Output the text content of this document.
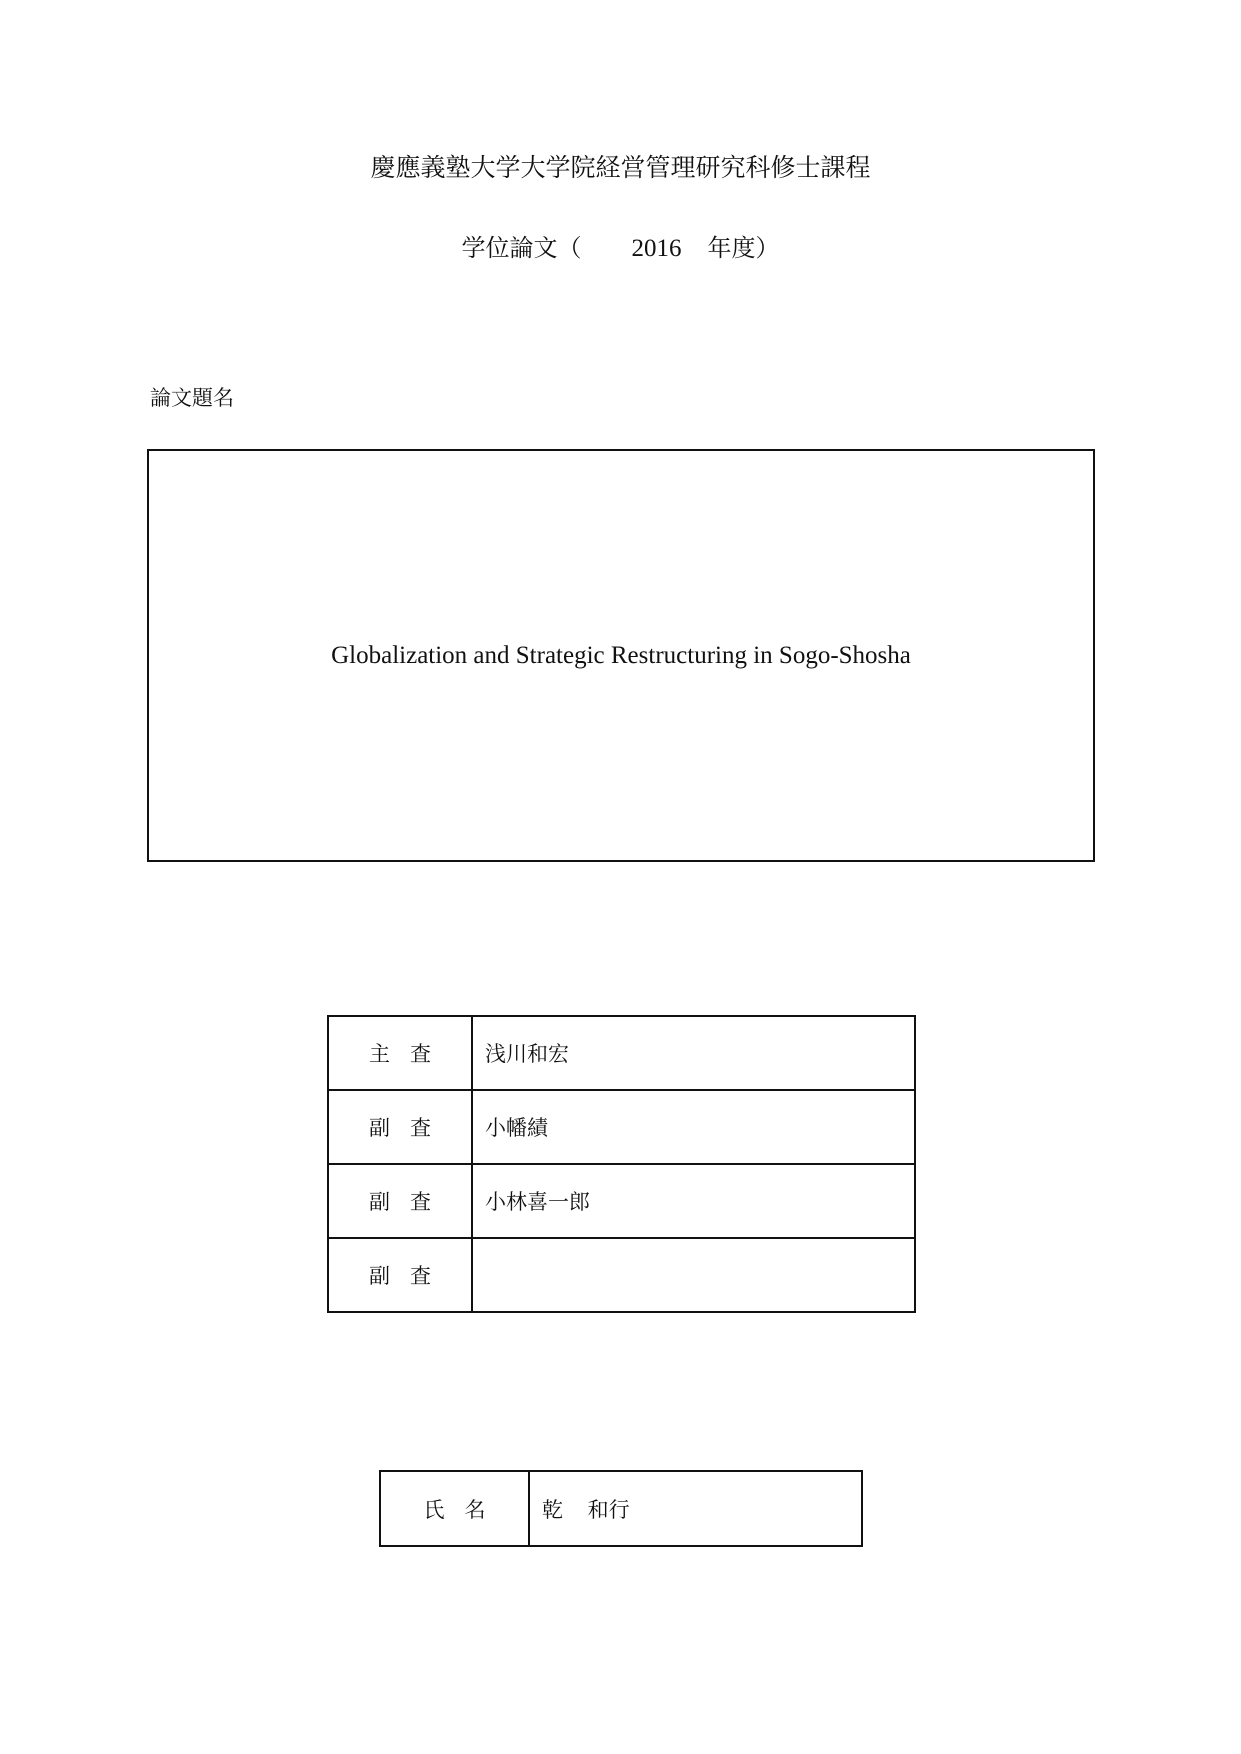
慶應義塾大学大学院経営管理研究科修士課程
学位論文（ 2016 年度）
論文題名
Globalization and Strategic Restructuring in Sogo-Shosha
主査	浅川和宏
副査	小幡績
副査	小林喜一郎
副査	
氏名	乾 和行
